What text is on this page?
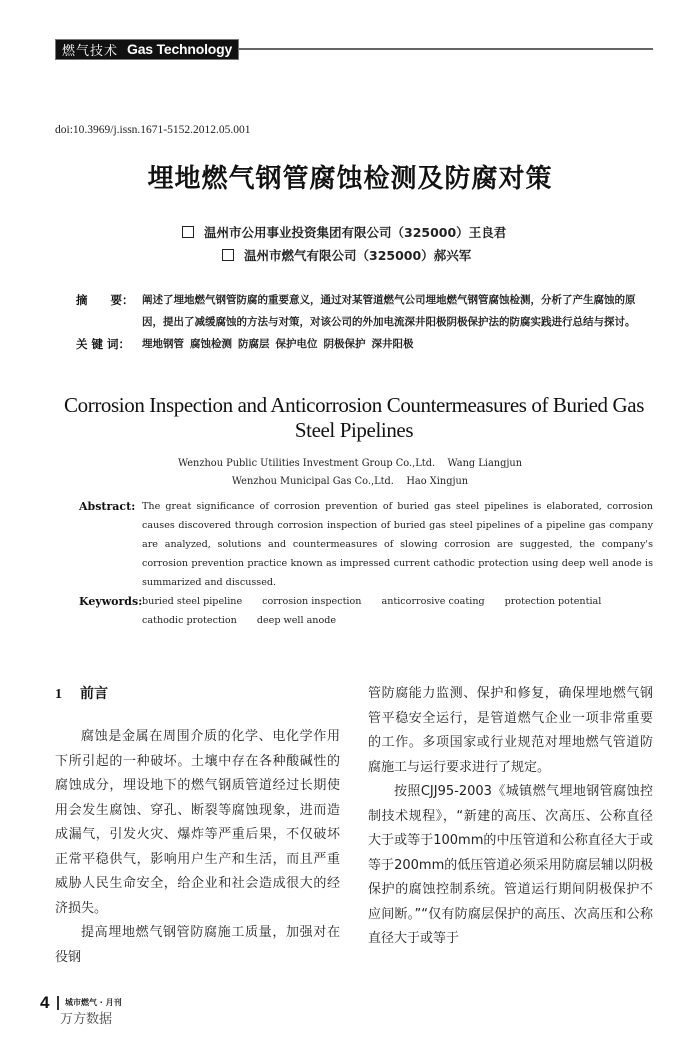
燃气技术 Gas Technology
doi:10.3969/j.issn.1671-5152.2012.05.001
埋地燃气钢管腐蚀检测及防腐对策
温州市公用事业投资集团有限公司（325000）王良君
温州市燃气有限公司（325000）郝兴军
摘　　要： 阐述了埋地燃气钢管防腐的重要意义，通过对某管道燃气公司埋地燃气钢管腐蚀检测，分析了产生腐蚀的原因，提出了减缓腐蚀的方法与对策，对该公司的外加电流深井阳极阴极保护法的防腐实践进行总结与探讨。
关 键 词：	埋地钢管 腐蚀检测 防腐层 保护电位 阴极保护 深井阳极
Corrosion Inspection and Anticorrosion Countermeasures of Buried Gas Steel Pipelines
Wenzhou Public Utilities Investment Group Co.,Ltd. Wang Liangjun
Wenzhou Municipal Gas Co.,Ltd. Hao Xingjun
Abstract: The great significance of corrosion prevention of buried gas steel pipelines is elaborated, corrosion causes discovered through corrosion inspection of buried gas steel pipelines of a pipeline gas company are analyzed, solutions and countermeasures of slowing corrosion are suggested, the company's corrosion prevention practice known as impressed current cathodic protection using deep well anode is summarized and discussed.
Keywords: buried steel pipeline corrosion inspection anticorrosive coating protection potentialcathodic protection deep well anode
1 前言

腐蚀是金属在周围介质的化学、电化学作用下所引起的一种破坏。土壤中存在各种酸碱性的腐蚀成分，埋设地下的燃气钢质管道经过长期使用会发生腐蚀、穿孔、断裂等腐蚀现象，进而造成漏气，引发火灾、爆炸等严重后果，不仅破坏正常平稳供气，影响用户生产和生活，而且严重威胁人民生命安全，给企业和社会造成很大的经济损失。

提高埋地燃气钢管防腐施工质量，加强对在役钢

管防腐能力监测、保护和修复，确保埋地燃气钢管平稳安全运行，是管道燃气企业一项非常重要的工作。多项国家或行业规范对埋地燃气管道防腐施工与运行要求进行了规定。

按照CJJ95-2003《城镇燃气埋地钢管腐蚀控制技术规程》，“新建的高压、次高压、公称直径大于或等于100mm的中压管道和公称直径大于或等于200mm的低压管道必须采用防腐层辅以阴极保护的腐蚀控制系统。管道运行期间阴极保护不应间断。”“仅有防腐层保护的高压、次高压和公称直径大于或等于

4 城市燃气 · 月刊
万方数据
